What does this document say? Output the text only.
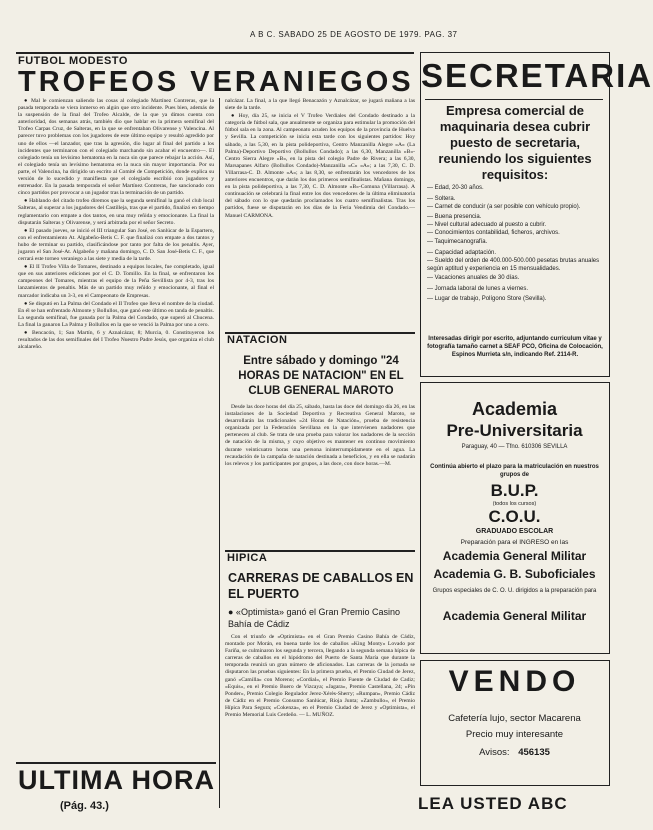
A B C. SABADO 25 DE AGOSTO DE 1979. PAG. 37
FUTBOL MODESTO
TROFEOS VERANIEGOS

● Mal le comienzan saliendo las cosas al colegiado Martínez Contreras, que la pasada temporada se viera inmerso en algún que otro incidente. Pues bien, además de la suspensión de la final del Trofeo Alcalde, de la que ya dimos cuenta con anterioridad, dos semanas atrás, también dio que hablar en la primera semifinal del Trofeo Carpas Cruz, de Salteras, en la que se enfrentaban Olivarense y Valencina. Al parecer tuvo problemas con los jugadores de este último equipo y resultó agredido por uno de ellos —el lanzador, que tras la agresión, dio lugar al final del partido a los incidentes que terminaron con el colegiado marchando sin acabar el encuentro—. El colegiado tenía un levísimo hematoma en la nuca sin que parece rebajar la acción. Así, el colegiado tenía un levísimo hematoma en la nuca sin mayor importancia. Por su parte, el Valencina, ha dirigido un escrito al Comité de Competición, donde explica su versión de lo sucedido y manifiesta que el colegiado escribió con jugadores y entrenador. En la pasada temporada el señor Martínez Contreras, fue sancionado con cinco partidos por provocar a un jugador tras la terminación de un partido.

● Hablando del citado trofeo diremos que la segunda semifinal la ganó el club local Salteras, al superar a los jugadores del Castilleja, tras que el partido, finalizó en tiempo reglamentario con empate a dos tantos, en una muy reñida y emocionante. La final la disputarán Salteras y Olivarense, y será arbitrada por el señor Secreto.

● El pasado jueves, se inició el III triangular San José, en Sanlúcar de la Espartero, con el enfrentamiento At. Algabeño-Betis C. F. que finalizó con empate a dos tantos y hubo de terminar su partido, clasificándose por tanto por falta de los penaltis. Ayer, jugaron el San José-At. Algabeño y mañana domingo, C. D. San José-Betis C. F., que cerrará este torneo veraniego a las siete y media de la tarde.

● El II Trofeo Villa de Tomares, destinado a equipos locales, fue completado, igual que en sus anteriores ediciones por el C. D. Tomillo. En la final, se enfrentaron los campeones del Tomares, mientras el equipo de la Peña Sevillista por 4-3, tras los lanzamientos de penaltis. Más de un partido muy reñido y emocionante, al final el marcador indicaba un 3-3, en el Campeonato de Empresas.

● Se disputó en La Palma del Condado el II Trofeo que lleva el nombre de la ciudad. En él se han enfrentado Almonte y Bollullos, que ganó este último en tanda de penaltis. La segunda semifinal, fue ganada por la Palma del Condado, que superó al Chucena. La final la ganaron La Palma y Bollullos en la que se venció la Palma por uno a cero.

● Bencacón, 1; San Martín, 6 y Aznalcázar, 8; Murcia, 0. Constituyeron los resultados de las dos semifinales del I Trofeo Nuestro Padre Jesús, que organiza el club alcalareño.

nalcázar. La final, a la que llegó Benacazón y Aznalcázar, se jugará mañana a las siete de la tarde.

● Hoy, día 25, se inicia el V Trofeo Verdiales del Condado destinado a la categoría de fútbol sala, que anualmente se organiza para estimular la promoción del fútbol sala en la zona. Al campeonato acuden los equipos de la provincia de Huelva y Sevilla. La competición se inicia esta tarde con los siguientes partidos: Hoy sábado, a las 5,30, en la pista polideportiva, Centro Manzanilla Alegre «A» (La Palma)-Deportivo Deportivo (Bollullos Condado); a las 6,30, Manzanilla «B»-Centro Sierra Alegre «B», en la pista del colegio Padre de Rivera; a las 6,30, Marsapanes Alfaro (Bollullos Condado)-Manzanilla «C» «A»; a las 7,30, C. D. Villarrasa-C. D. Almonte «A»; a las 8,30, se enfrentarán los vencedores de los anteriores encuentros, que darán los dos primeros semifinalistas. Mañana domingo, en la pista polideportiva, a las 7,30, C. D. Almonte «B»-Comuna (Villarrasa). A continuación se celebrará la final entre los dos vencedores de la última eliminatoria del sábado con lo que quedarán proclamados los cuatro semifinalistas. Tras los partidos, fuese se disputarán en los días de la Feria Vendimia del Condado.—Manuel CARMONA.

NATACION
Entre sábado y domingo "24 HORAS DE NATACION" EN EL CLUB GENERAL MAROTO

Desde las doce horas del día 25, sábado, hasta las doce del domingo día 26, en las instalaciones de la Sociedad Deportiva y Recreativa General Maroto, se desarrollarán las tradicionales «24 Horas de Natación», prueba de resistencia organizada por la Federación Sevillana en la que intervienen nadadores que pertenecen al club. Se trata de una prueba para valorar los nadadores de la sección de natación de la misma, y cuyo objetivo es mantener en continuo movimiento durante veinticuatro horas una persona ininterrumpidamente en el agua. La recaudación de la campaña de natación destinada a beneficios, y en ella se nadarán los relevos y los participantes por grupos, a las doce, con doce horas.—M.

HIPICA
CARRERAS DE CABALLOS EN EL PUERTO
● «Optimista» ganó el Gran Premio Casino Bahía de Cádiz

Con el triunfo de «Optimista» en el Gran Premio Casino Bahía de Cádiz, montado por Morán, en buena tarde los de caballos «King Monty» Lovado por Fariña, se culminaron los segunda y tercera, llegando a la segunda semana hípica de carreras de caballos en el hipódromo del Puerto de Santa María que durante la temporada reunirá un gran número de aficionados. Las carreras de la jornada se disputaron las pruebas siguientes: En la primera prueba, el Premio Ciudad de Jerez, ganó «Camilla» con Moreno; «Cordial», el Premio Fuente de Ciudad de Cadiz; «Equis», en el Premio Buero de Vizcaya; «Jagara», Premio Castellana, 24; «Pin Ponder», Premio Colegio Regulador Jerez-Xérès-Sherry; «Rumpan», Premio Cádiz de Cádiz en el Premio Consumo Sanlúcar, Rioja Junta; «Zambullo», el Premio Hípica Para Segura; «Cokenza», en el Premio Ciudad de Jerez y «Optimista», el Premio Memorial Luis Cerdeño. — L. MUÑOZ.

ULTIMA HORA
(Pág. 43.)
SECRETARIA
Empresa comercial de maquinaria desea cubrir puesto de secretaria, reuniendo los siguientes requisitos:
— Edad, 20-30 años.
— Soltera.
— Carnet de conducir (a ser posible con vehículo propio).
— Buena presencia.
— Nivel cultural adecuado al puesto a cubrir.
— Conocimientos contabilidad, ficheros, archivos.
— Taquimecanografía.
— Capacidad adaptación.
— Sueldo del orden de 400.000-500.000 pesetas brutas anuales según aptitud y experiencia en 15 mensualidades.
— Vacaciones anuales de 30 días.
— Jornada laboral de lunes a viernes.
— Lugar de trabajo, Polígono Store (Sevilla).
Interesadas dirigir por escrito, adjuntando curriculum vitae y fotografía tamaño carnet a SEAF PCO, Oficina de Colocación, Espinos Murrieta s/n, indicando Ref. 2114-R.
Academia
Pre-Universitaria
Paraguay, 40 — Tfno. 610306 SEVILLA
Continúa abierto el plazo para la matriculación en nuestros grupos de
B.U.P.
(todos los cursos)
C.O.U.
GRADUADO ESCOLAR
Preparación para el INGRESO en las
Academia General Militar
Academia G. B. Suboficiales
Grupos especiales de C. O. U. dirigidos a la preparación para
Academia General Militar
VENDO
Cafetería lujo, sector Macarena
Precio muy interesante
Avisos: 456135
LEA USTED ABC
